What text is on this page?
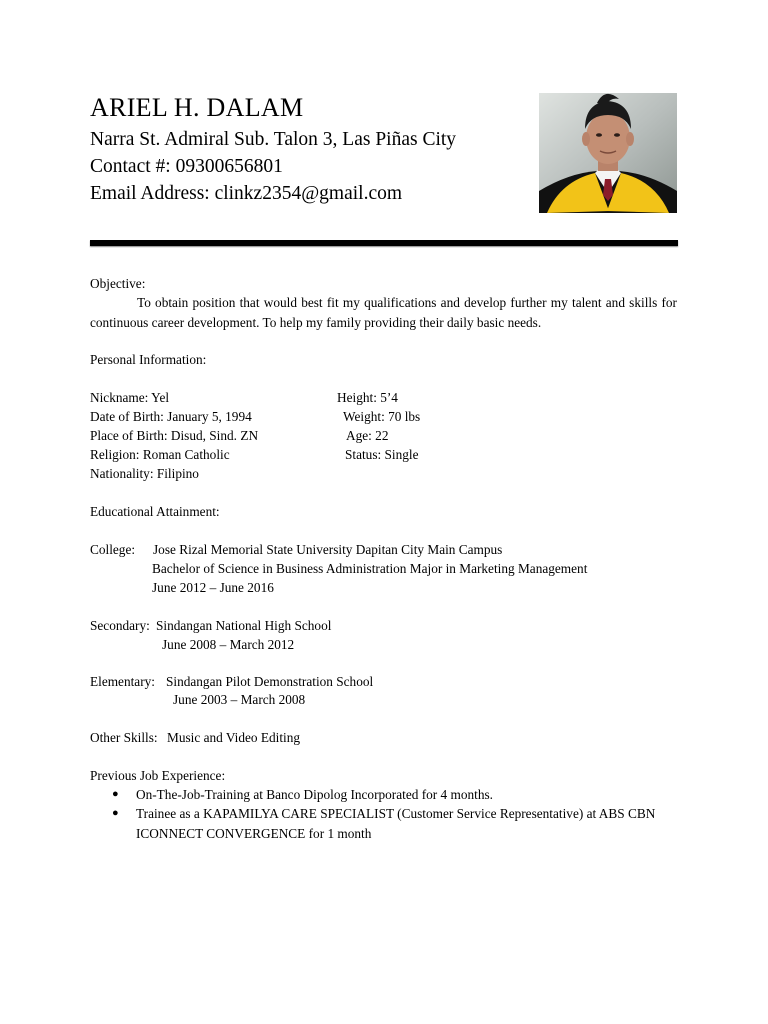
ARIEL H. DALAM
Narra St. Admiral Sub. Talon 3, Las Piñas City
Contact #: 09300656801
Email Address: clinkz2354@gmail.com
Objective:
To obtain position that would best fit my qualifications and develop further my talent and skills for continuous career development. To help my family providing their daily basic needs.
Personal Information:
Nickname: Yel
Date of Birth: January 5, 1994
Place of Birth: Disud, Sind. ZN
Religion: Roman Catholic
Nationality: Filipino
Height: 5’4
Weight: 70 lbs
Age: 22
Status: Single
Educational Attainment:
College: Jose Rizal Memorial State University Dapitan City Main Campus
Bachelor of Science in Business Administration Major in Marketing Management
June 2012 – June 2016
Secondary: Sindangan National High School
June 2008 – March 2012
Elementary: Sindangan Pilot Demonstration School
June 2003 – March 2008
Other Skills: Music and Video Editing
Previous Job Experience:
● On-The-Job-Training at Banco Dipolog Incorporated for 4 months.
● Trainee as a KAPAMILYA CARE SPECIALIST (Customer Service Representative) at ABS CBN ICONNECT CONVERGENCE for 1 month
